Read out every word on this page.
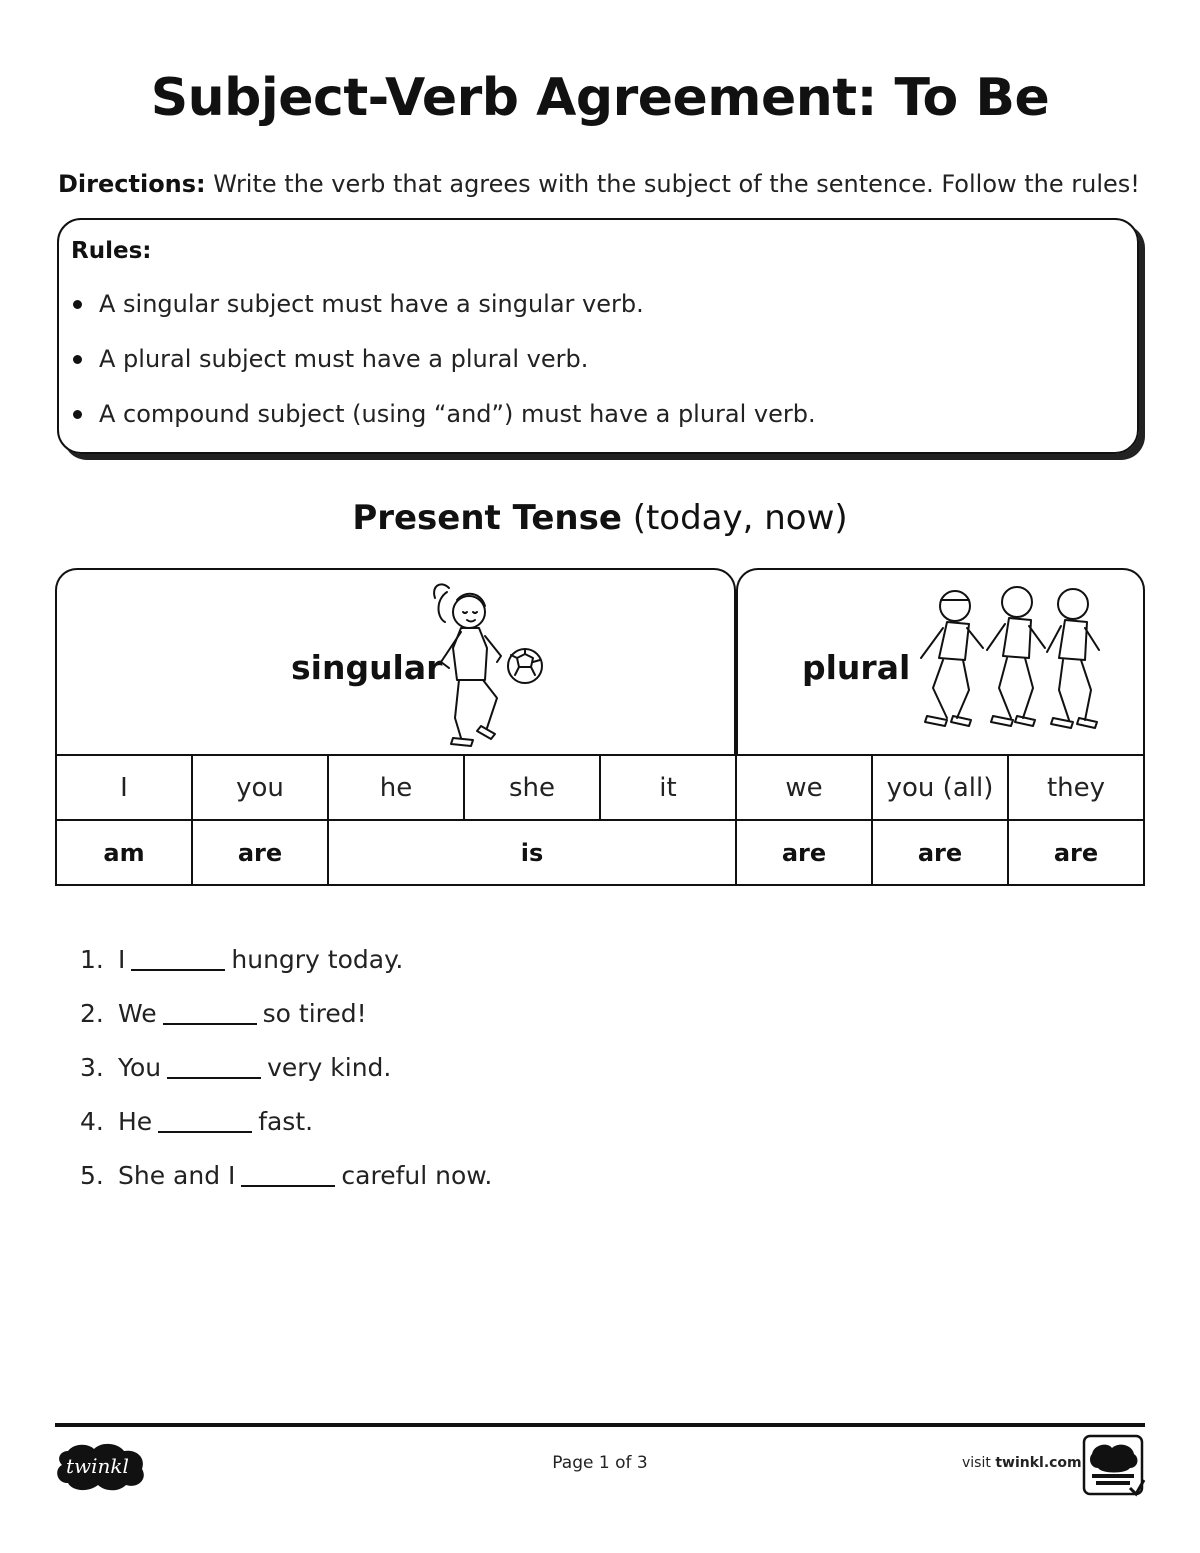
Subject-Verb Agreement: To Be
Directions: Write the verb that agrees with the subject of the sentence. Follow the rules!
Rules:
A singular subject must have a singular verb.
A plural subject must have a plural verb.
A compound subject (using “and”) must have a plural verb.
Present Tense (today, now)
singular	plural
I	you	he	she	it	we	you (all)	they
am	are	is			are	are	are
1. I	hungry today.
2. We	so tired!
3. You	very kind.
4. He	fast.
5. She and I	careful now.
twinkl	Page 1 of 3	visit twinkl.com
